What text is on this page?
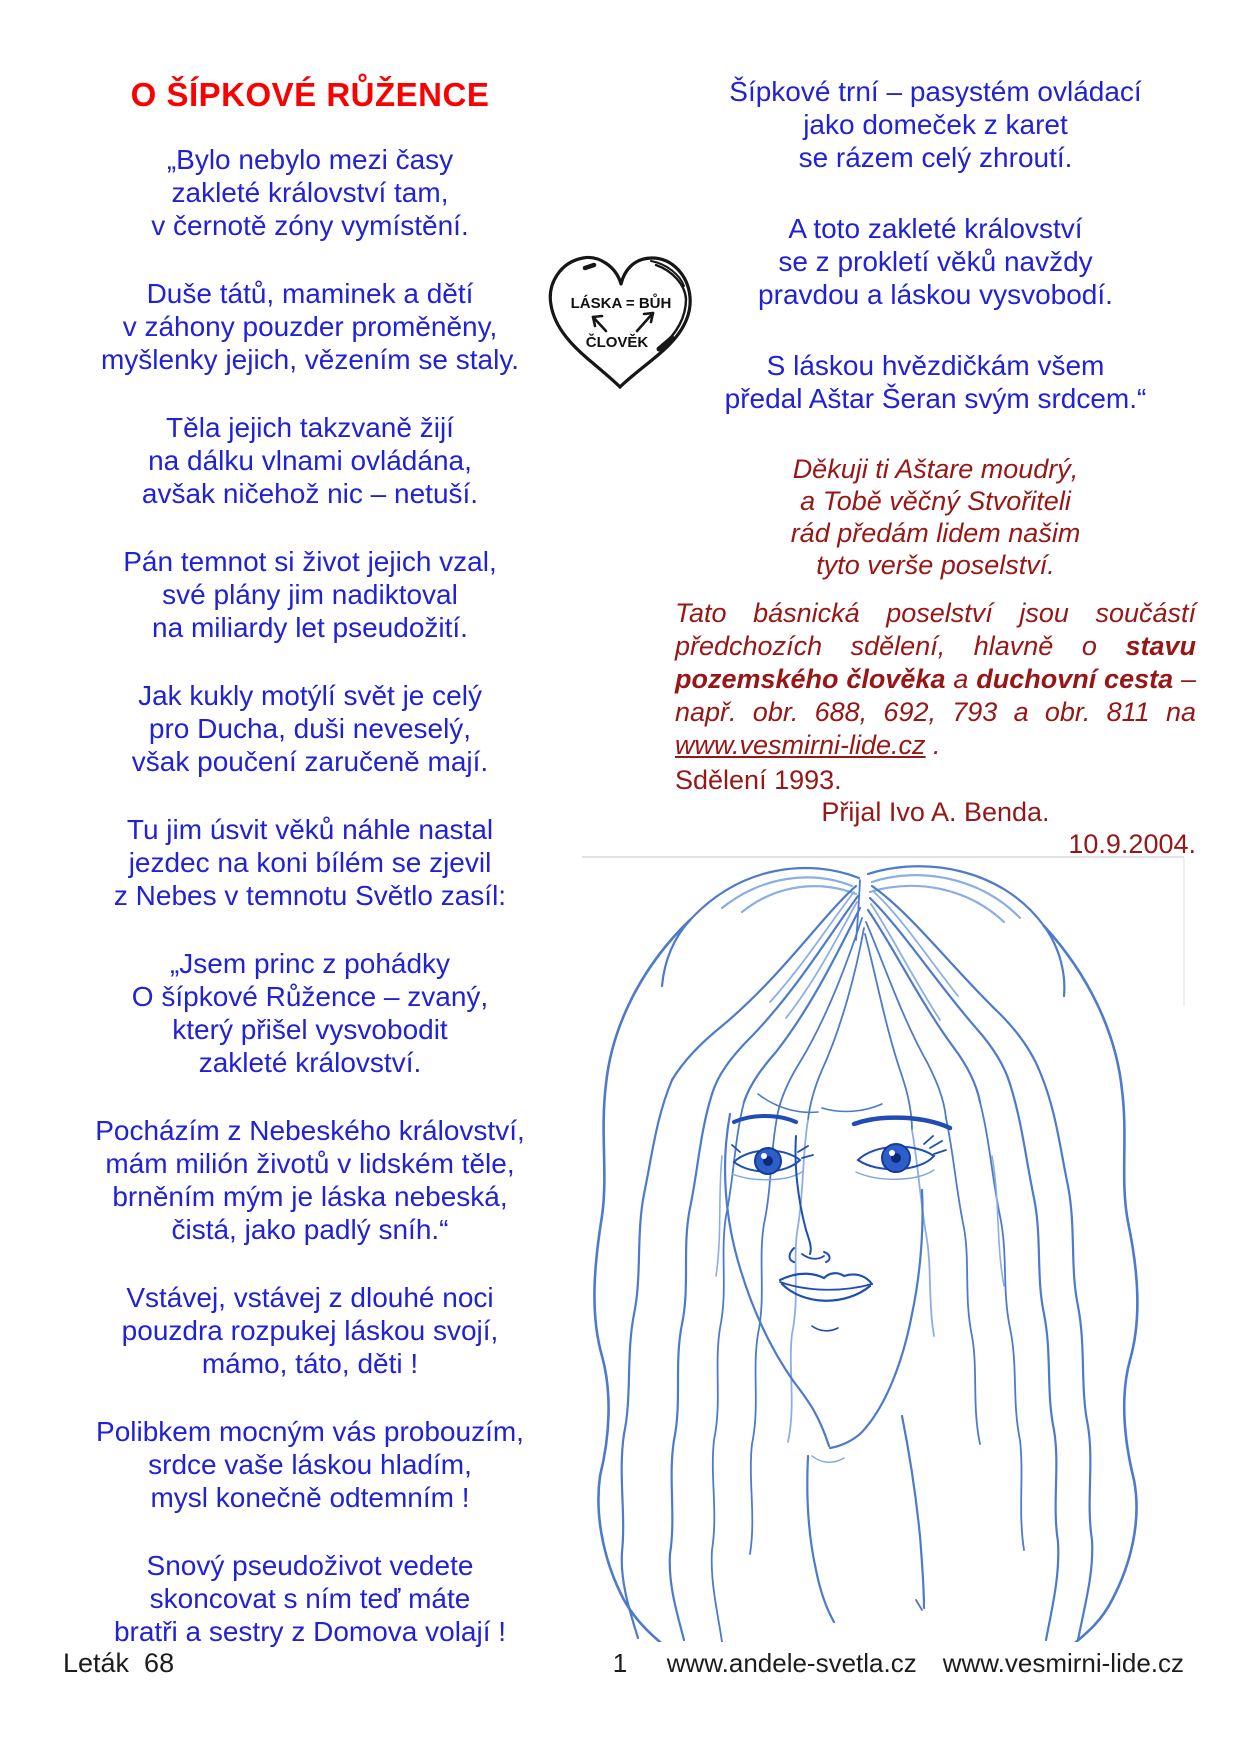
O ŠÍPKOVÉ RŮŽENCE
„Bylo nebylo mezi časy
zakleté království tam,
v černotě zóny vymístění.
Duše tátů, maminek a dětí
v záhony pouzder proměněny,
myšlenky jejich, vězením se staly.
Těla jejich takzvaně žijí
na dálku vlnami ovládána,
avšak ničehož nic – netuší.
Pán temnot si život jejich vzal,
své plány jim nadiktoval
na miliardy let pseudožití.
Jak kukly motýlí svět je celý
pro Ducha, duši neveselý,
však poučení zaručeně mají.
Tu jim úsvit věků náhle nastal
jezdec na koni bílém se zjevil
z Nebes v temnotu Světlo zasíl:
„Jsem princ z pohádky
O šípkové Růžence – zvaný,
který přišel vysvobodit
zakleté království.
Pocházím z Nebeského království,
mám milión životů v lidském těle,
brněním mým je láska nebeská,
čistá, jako padlý sníh.“
Vstávej, vstávej z dlouhé noci
pouzdra rozpukej láskou svojí,
mámo, táto, děti !
Polibkem mocným vás probouzím,
srdce vaše láskou hladím,
mysl konečně odtemním !
Snový pseudoživot vedete
skoncovat s ním teď máte
bratři a sestry z Domova volají !
Šípkové trní – pasystém ovládací
jako domeček z karet
se rázem celý zhroutí.
A toto zakleté království
se z prokletí věků navždy
pravdou a láskou vysvobodí.
S láskou hvězdičkám všem
předal Aštar Šeran svým srdcem.“
Děkuji ti Aštare moudrý,
a Tobě věčný Stvořiteli
rád předám lidem našim
tyto verše poselství.
Tato básnická poselství jsou součástí předchozích sdělení, hlavně o stavu pozemského člověka a duchovní cesta – např. obr. 688, 692, 793 a obr. 811 na www.vesmirni-lide.cz .
Sdělení 1993.
Přijal Ivo A. Benda.
10.9.2004.
LÁSKA = BŮH
ČLOVĚK
Leták  68	1	www.andele-svetla.cz www.vesmirni-lide.cz
